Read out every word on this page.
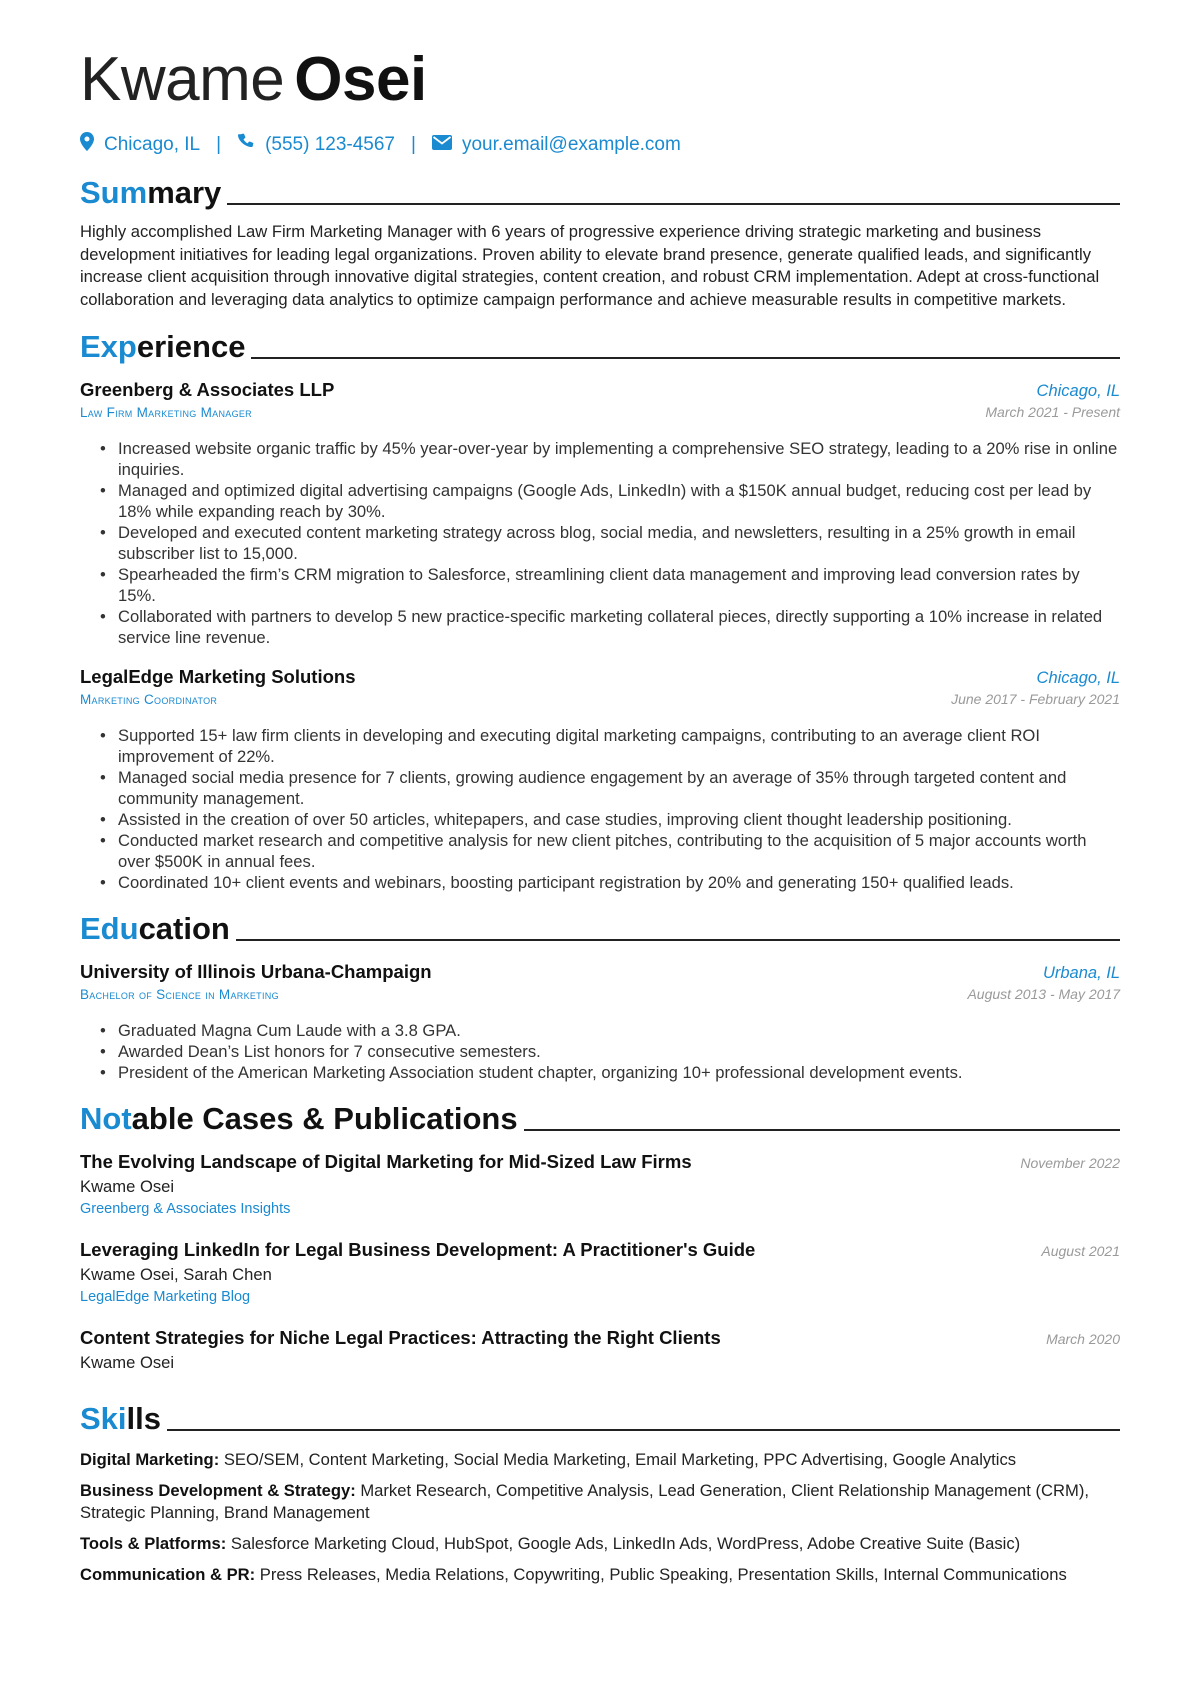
Kwame Osei
Chicago, IL | (555) 123-4567 | your.email@example.com
Summary
Highly accomplished Law Firm Marketing Manager with 6 years of progressive experience driving strategic marketing and business development initiatives for leading legal organizations. Proven ability to elevate brand presence, generate qualified leads, and significantly increase client acquisition through innovative digital strategies, content creation, and robust CRM implementation. Adept at cross-functional collaboration and leveraging data analytics to optimize campaign performance and achieve measurable results in competitive markets.
Experience
Greenberg & Associates LLP	Chicago, IL
Law Firm Marketing Manager	March 2021 - Present
• Increased website organic traffic by 45% year-over-year by implementing a comprehensive SEO strategy, leading to a 20% rise in online inquiries.
• Managed and optimized digital advertising campaigns (Google Ads, LinkedIn) with a $150K annual budget, reducing cost per lead by 18% while expanding reach by 30%.
• Developed and executed content marketing strategy across blog, social media, and newsletters, resulting in a 25% growth in email subscriber list to 15,000.
• Spearheaded the firm’s CRM migration to Salesforce, streamlining client data management and improving lead conversion rates by 15%.
• Collaborated with partners to develop 5 new practice-specific marketing collateral pieces, directly supporting a 10% increase in related service line revenue.
LegalEdge Marketing Solutions	Chicago, IL
Marketing Coordinator	June 2017 - February 2021
• Supported 15+ law firm clients in developing and executing digital marketing campaigns, contributing to an average client ROI improvement of 22%.
• Managed social media presence for 7 clients, growing audience engagement by an average of 35% through targeted content and community management.
• Assisted in the creation of over 50 articles, whitepapers, and case studies, improving client thought leadership positioning.
• Conducted market research and competitive analysis for new client pitches, contributing to the acquisition of 5 major accounts worth over $500K in annual fees.
• Coordinated 10+ client events and webinars, boosting participant registration by 20% and generating 150+ qualified leads.
Education
University of Illinois Urbana-Champaign	Urbana, IL
Bachelor of Science in Marketing	August 2013 - May 2017
• Graduated Magna Cum Laude with a 3.8 GPA.
• Awarded Dean’s List honors for 7 consecutive semesters.
• President of the American Marketing Association student chapter, organizing 10+ professional development events.
Notable Cases & Publications
The Evolving Landscape of Digital Marketing for Mid-Sized Law Firms	November 2022
Kwame Osei
Greenberg & Associates Insights
Leveraging LinkedIn for Legal Business Development: A Practitioner's Guide	August 2021
Kwame Osei, Sarah Chen
LegalEdge Marketing Blog
Content Strategies for Niche Legal Practices: Attracting the Right Clients	March 2020
Kwame Osei
Skills
Digital Marketing: SEO/SEM, Content Marketing, Social Media Marketing, Email Marketing, PPC Advertising, Google Analytics
Business Development & Strategy: Market Research, Competitive Analysis, Lead Generation, Client Relationship Management (CRM), Strategic Planning, Brand Management
Tools & Platforms: Salesforce Marketing Cloud, HubSpot, Google Ads, LinkedIn Ads, WordPress, Adobe Creative Suite (Basic)
Communication & PR: Press Releases, Media Relations, Copywriting, Public Speaking, Presentation Skills, Internal Communications
